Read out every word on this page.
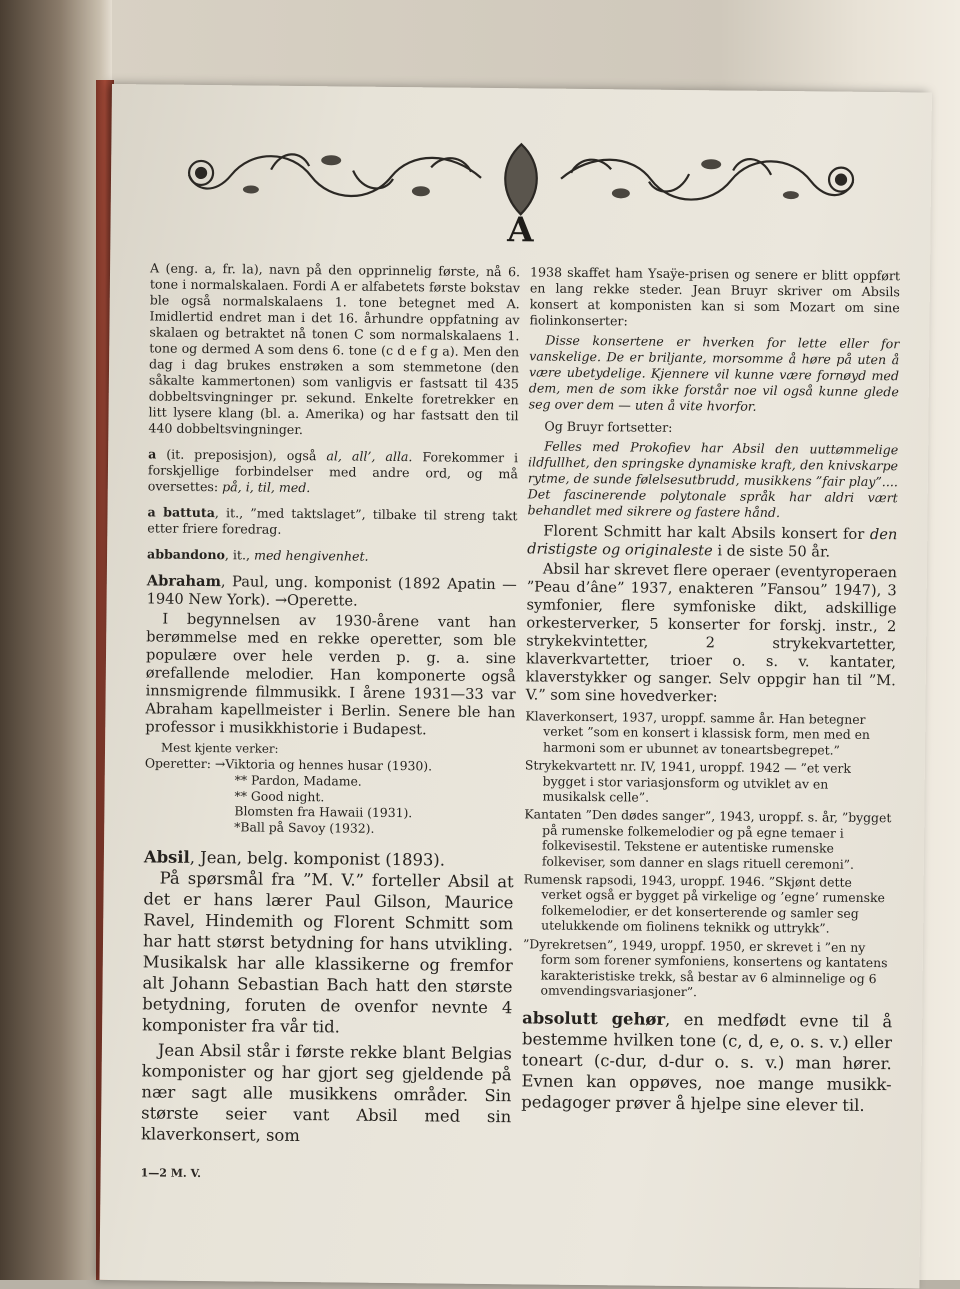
A

A (eng. a, fr. la), navn på den opprinnelig første, nå 6. tone i normalskalaen. Fordi A er alfabetets første bokstav ble også normalskalaens 1. tone betegnet med A. Imidlertid endret man i det 16. århundre oppfatning av skalaen og betraktet nå tonen C som normalskalaens 1. tone og dermed A som dens 6. tone (c d e f g a). Men den dag i dag brukes enstrøken a som stemmetone (den såkalte kammertonen) som vanligvis er fastsatt til 435 dobbeltsvingninger pr. sekund. Enkelte foretrekker en litt lysere klang (bl. a. Amerika) og har fastsatt den til 440 dobbeltsvingninger.

a (it. preposisjon), også al, all’, alla. Forekommer i forskjellige forbindelser med andre ord, og må oversettes: på, i, til, med.

a battuta, it., ”med taktslaget”, tilbake til streng takt etter friere foredrag.

abbandono, it., med hengivenhet.

Abraham, Paul, ung. komponist (1892 Apatin — 1940 New York). →Operette.

I begynnelsen av 1930-årene vant han berømmelse med en rekke operetter, som ble populære over hele verden p. g. a. sine ørefallende melodier. Han komponerte også innsmigrende filmmusikk. I årene 1931—33 var Abraham kapellmeister i Berlin. Senere ble han professor i musikkhistorie i Budapest.

Mest kjente verker:
Operetter: →Viktoria og hennes husar (1930).
** Pardon, Madame.
** Good night.
Blomsten fra Hawaii (1931).
*Ball på Savoy (1932).

Absil, Jean, belg. komponist (1893).

På spørsmål fra ”M. V.” forteller Absil at det er hans lærer Paul Gilson, Maurice Ravel, Hindemith og Florent Schmitt som har hatt størst betydning for hans utvikling. Musikalsk har alle klassikerne og fremfor alt Johann Sebastian Bach hatt den største betydning, foruten de ovenfor nevnte 4 komponister fra vår tid.

Jean Absil står i første rekke blant Belgias komponister og har gjort seg gjeldende på nær sagt alle musikkens områder. Sin største seier vant Absil med sin klaverkonsert, som

1938 skaffet ham Ysaÿe-prisen og senere er blitt oppført en lang rekke steder. Jean Bruyr skriver om Absils konsert at komponisten kan si som Mozart om sine fiolinkonserter:

Disse konsertene er hverken for lette eller for vanskelige. De er briljante, morsomme å høre på uten å være ubetydelige. Kjennere vil kunne være fornøyd med dem, men de som ikke forstår noe vil også kunne glede seg over dem — uten å vite hvorfor.

Og Bruyr fortsetter:

Felles med Prokofiev har Absil den uuttømmelige ildfullhet, den springske dynamiske kraft, den knivskarpe rytme, de sunde følelsesutbrudd, musikkens ”fair play”.... Det fascinerende polytonale språk har aldri vært behandlet med sikrere og fastere hånd.

Florent Schmitt har kalt Absils konsert for den dristigste og originaleste i de siste 50 år.

Absil har skrevet flere operaer (eventyroperaen ”Peau d’âne” 1937, enakteren ”Fansou” 1947), 3 symfonier, flere symfoniske dikt, adskillige orkesterverker, 5 konserter for forskj. instr., 2 strykekvintetter, 2 strykekvartetter, klaverkvartetter, trioer o. s. v. kantater, klaverstykker og sanger. Selv oppgir han til ”M. V.” som sine hovedverker:

Klaverkonsert, 1937, uroppf. samme år. Han betegner verket ”som en konsert i klassisk form, men med en harmoni som er ubunnet av toneartsbegrepet.”
Strykekvartett nr. IV, 1941, uroppf. 1942 — ”et verk bygget i stor variasjonsform og utviklet av en musikalsk celle”.
Kantaten ”Den dødes sanger”, 1943, uroppf. s. år, ”bygget på rumenske folkemelodier og på egne temaer i folkevisestil. Tekstene er autentiske rumenske folkeviser, som danner en slags rituell ceremoni”.
Rumensk rapsodi, 1943, uroppf. 1946. ”Skjønt dette verket også er bygget på virkelige og ’egne’ rumenske folkemelodier, er det konserterende og samler seg utelukkende om fiolinens teknikk og uttrykk”.
”Dyrekretsen”, 1949, uroppf. 1950, er skrevet i ”en ny form som forener symfoniens, konsertens og kantatens karakteristiske trekk, så bestar av 6 alminnelige og 6 omvendingsvariasjoner”.

absolutt gehør, en medfødt evne til å bestemme hvilken tone (c, d, e, o. s. v.) eller toneart (c-dur, d-dur o. s. v.) man hører. Evnen kan oppøves, noe mange musikk-pedagoger prøver å hjelpe sine elever til.

1—2 M. V.
